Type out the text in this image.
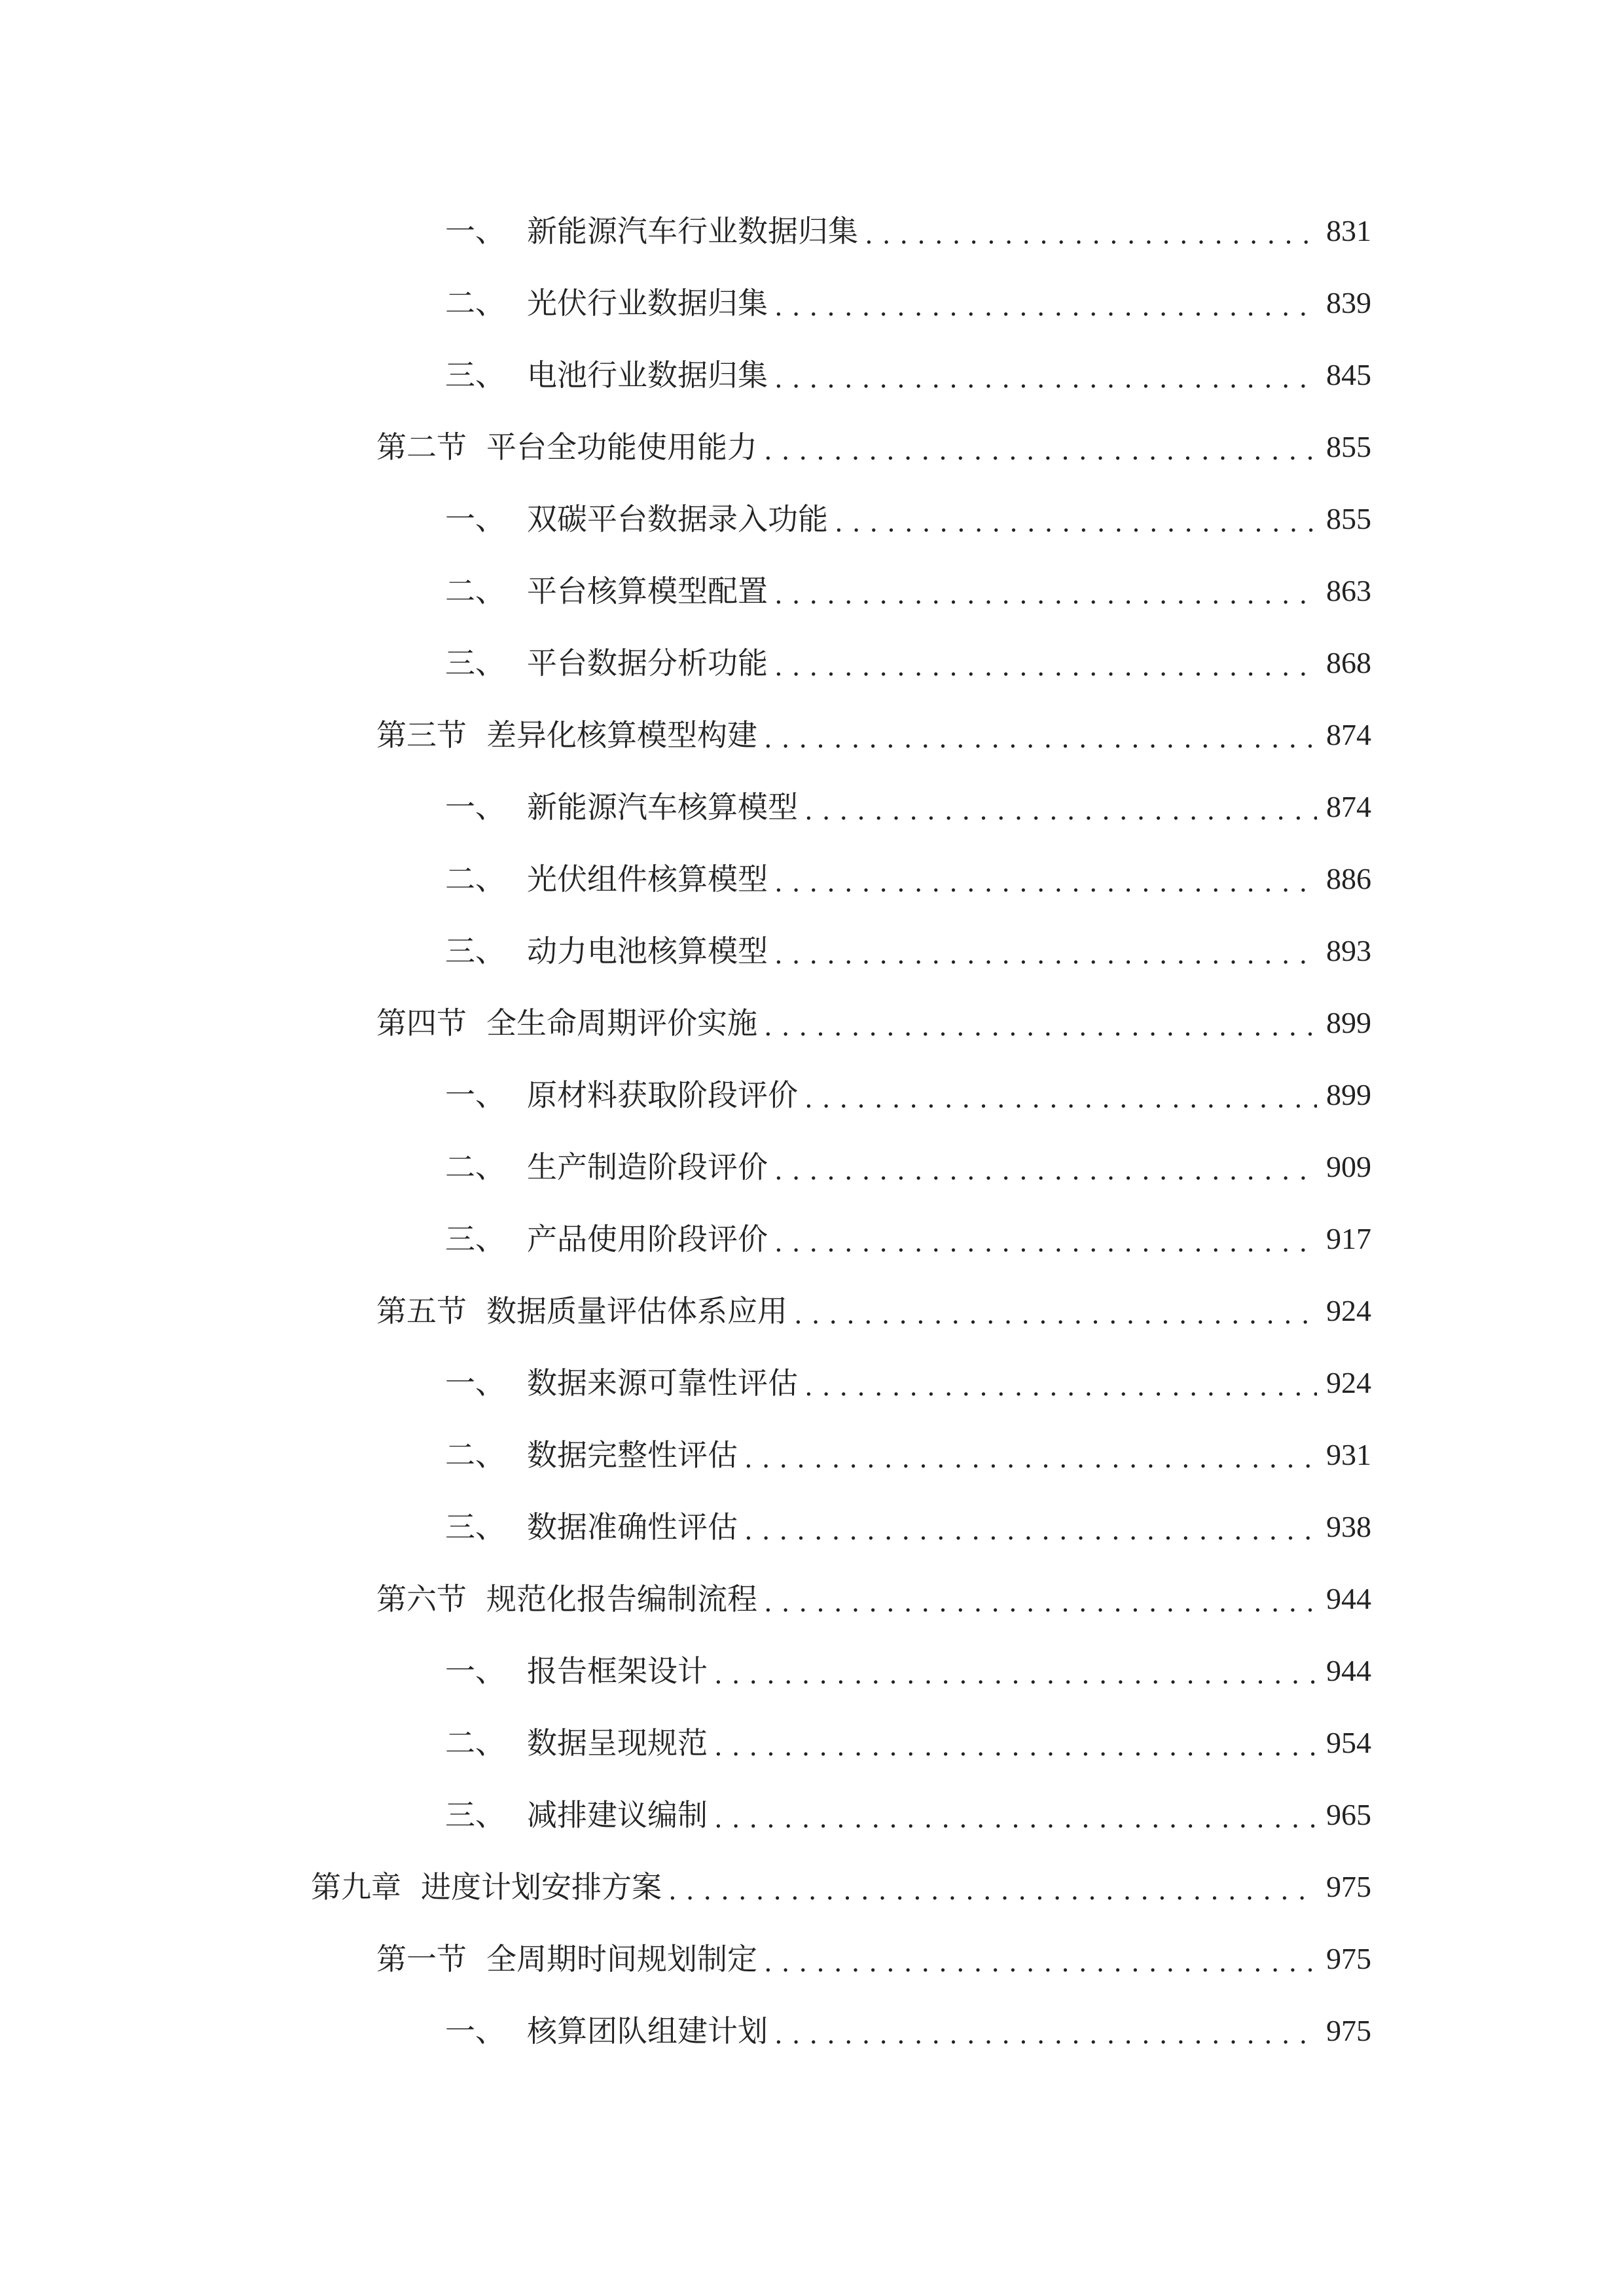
一、 新能源汽车行业数据归集 .....	831
二、 光伏行业数据归集 .....	839
三、 电池行业数据归集 .....	845
第二节 平台全功能使用能力 .....	855
一、 双碳平台数据录入功能 .....	855
二、 平台核算模型配置 .....	863
三、 平台数据分析功能 .....	868
第三节 差异化核算模型构建 .....	874
一、 新能源汽车核算模型 .....	874
二、 光伏组件核算模型 .....	886
三、 动力电池核算模型 .....	893
第四节 全生命周期评价实施 .....	899
一、 原材料获取阶段评价 .....	899
二、 生产制造阶段评价 .....	909
三、 产品使用阶段评价 .....	917
第五节 数据质量评估体系应用 .....	924
一、 数据来源可靠性评估 .....	924
二、 数据完整性评估 .....	931
三、 数据准确性评估 .....	938
第六节 规范化报告编制流程 .....	944
一、 报告框架设计 .....	944
二、 数据呈现规范 .....	954
三、 减排建议编制 .....	965
第九章 进度计划安排方案 .....	975
第一节 全周期时间规划制定 .....	975
一、 核算团队组建计划 .....	975
